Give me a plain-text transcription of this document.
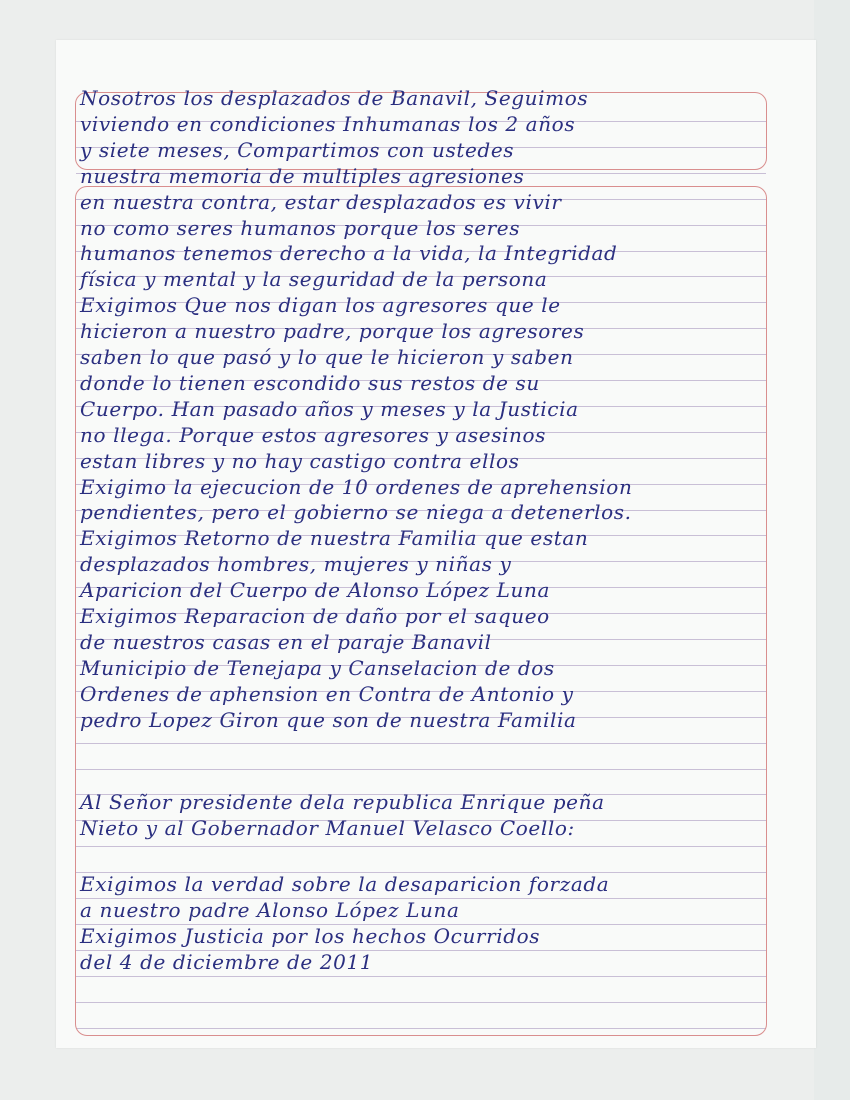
Nosotros los desplazados de Banavil, Seguimos
viviendo en condiciones Inhumanas los 2 años
y siete meses, Compartimos con ustedes
nuestra memoria de multiples agresiones
en nuestra contra, estar desplazados es vivir
no como seres humanos porque los seres
humanos tenemos derecho a la vida, la Integridad
física y mental y la seguridad de la persona
Exigimos Que nos digan los agresores que le
hicieron a nuestro padre, porque los agresores
saben lo que pasó y lo que le hicieron y saben
donde lo tienen escondido sus restos de su
Cuerpo. Han pasado años y meses y la Justicia
no llega. Porque estos agresores y asesinos
estan libres y no hay castigo contra ellos
Exigimo la ejecucion de 10 ordenes de aprehension
pendientes, pero el gobierno se niega a detenerlos.
Exigimos Retorno de nuestra Familia que estan
desplazados hombres, mujeres y niñas y
Aparicion del Cuerpo de Alonso López Luna
Exigimos Reparacion de daño por el saqueo
de nuestros casas en el paraje Banavil
Municipio de Tenejapa y Canselacion de dos
Ordenes de aphension en Contra de Antonio y
pedro Lopez Giron que son de nuestra Familia
Al Señor presidente dela republica Enrique peña
Nieto y al Gobernador Manuel Velasco Coello:
Exigimos la verdad sobre la desaparicion forzada
a nuestro padre Alonso López Luna
Exigimos Justicia por los hechos Ocurridos
del 4 de diciembre de 2011
